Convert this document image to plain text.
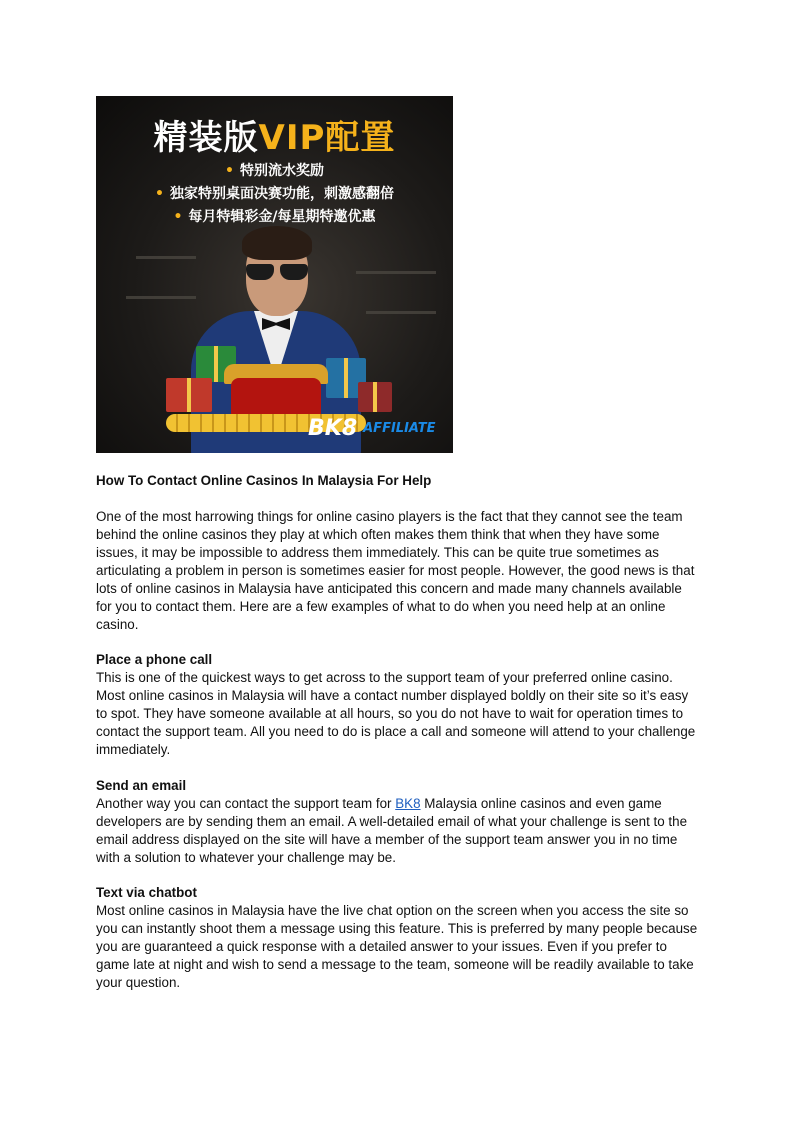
精装版VIP配置
• 特别流水奖励
• 独家特别桌面决赛功能，刺激感翻倍
• 每月特辑彩金/每星期特邀优惠
BK8 AFFILIATE
How To Contact Online Casinos In Malaysia For Help

One of the most harrowing things for online casino players is the fact that they cannot see the team behind the online casinos they play at which often makes them think that when they have some issues, it may be impossible to address them immediately. This can be quite true sometimes as articulating a problem in person is sometimes easier for most people. However, the good news is that lots of online casinos in Malaysia have anticipated this concern and made many channels available for you to contact them. Here are a few examples of what to do when you need help at an online casino.

Place a phone call

This is one of the quickest ways to get across to the support team of your preferred online casino. Most online casinos in Malaysia will have a contact number displayed boldly on their site so it’s easy to spot. They have someone available at all hours, so you do not have to wait for operation times to contact the support team. All you need to do is place a call and someone will attend to your challenge immediately.

Send an email

Another way you can contact the support team for BK8 Malaysia online casinos and even game developers are by sending them an email. A well-detailed email of what your challenge is sent to the email address displayed on the site will have a member of the support team answer you in no time with a solution to whatever your challenge may be.

Text via chatbot

Most online casinos in Malaysia have the live chat option on the screen when you access the site so you can instantly shoot them a message using this feature. This is preferred by many people because you are guaranteed a quick response with a detailed answer to your issues. Even if you prefer to game late at night and wish to send a message to the team, someone will be readily available to take your question.
